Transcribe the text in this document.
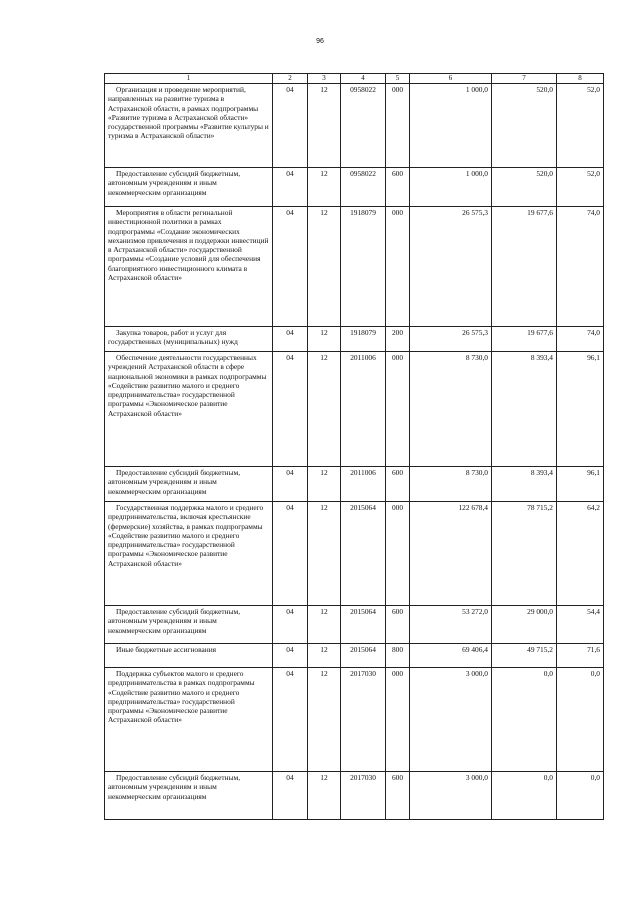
96
1	2	3	4	5	6	7	8
Организация и проведение мероприятий, направленных на развитие туризма в Астраханской области, в рамках подпрограммы «Развитие туризма в Астраханской области» государственной программы «Развитие культуры и туризма в Астраханской области»	04	12	0958022	000	1 000,0	520,0	52,0
Предоставление субсидий бюджетным, автономным учреждениям и иным некоммерческим организациям	04	12	0958022	600	1 000,0	520,0	52,0
Мероприятия в области регинальной инвестиционной политики в рамках подпрограммы «Создание экономических механизмов привлечения и поддержки инвестиций в Астраханской области» государственной программы «Создание условий для обеспечения благоприятного инвестиционного климата в Астраханской области»	04	12	1918079	000	26 575,3	19 677,6	74,0
Закупка товаров, работ и услуг для государственных (муниципальных) нужд	04	12	1918079	200	26 575,3	19 677,6	74,0
Обеспечение деятельности государственных учреждений Астраханской области в сфере национальной экономики в рамках подпрограммы «Содействие развитию малого и среднего предпринимательства» государственной программы «Экономическое развитие Астраханской области»	04	12	2011006	000	8 730,0	8 393,4	96,1
Предоставление субсидий бюджетным, автономным учреждениям и иным некоммерческим организациям	04	12	2011006	600	8 730,0	8 393,4	96,1
Государственная поддержка малого и среднего предпринимательства, включая крестьянские (фермерские) хозяйства, в рамках подпрограммы «Содействие развитию малого и среднего предпринимательства» государственной программы «Экономическое развитие Астраханской области»	04	12	2015064	000	122 678,4	78 715,2	64,2
Предоставление субсидий бюджетным, автономным учреждениям и иным некоммерческим организациям	04	12	2015064	600	53 272,0	29 000,0	54,4
Иные бюджетные ассигнования	04	12	2015064	800	69 406,4	49 715,2	71,6
Поддержка субъектов малого и среднего предпринимательства в рамках подпрограммы «Содействие развитию малого и среднего предпринимательства» государственной программы «Экономическое развитие Астраханской области»	04	12	2017030	000	3 000,0	0,0	0,0
Предоставление субсидий бюджетным, автономным учреждениям и иным некоммерческим организациям	04	12	2017030	600	3 000,0	0,0	0,0
